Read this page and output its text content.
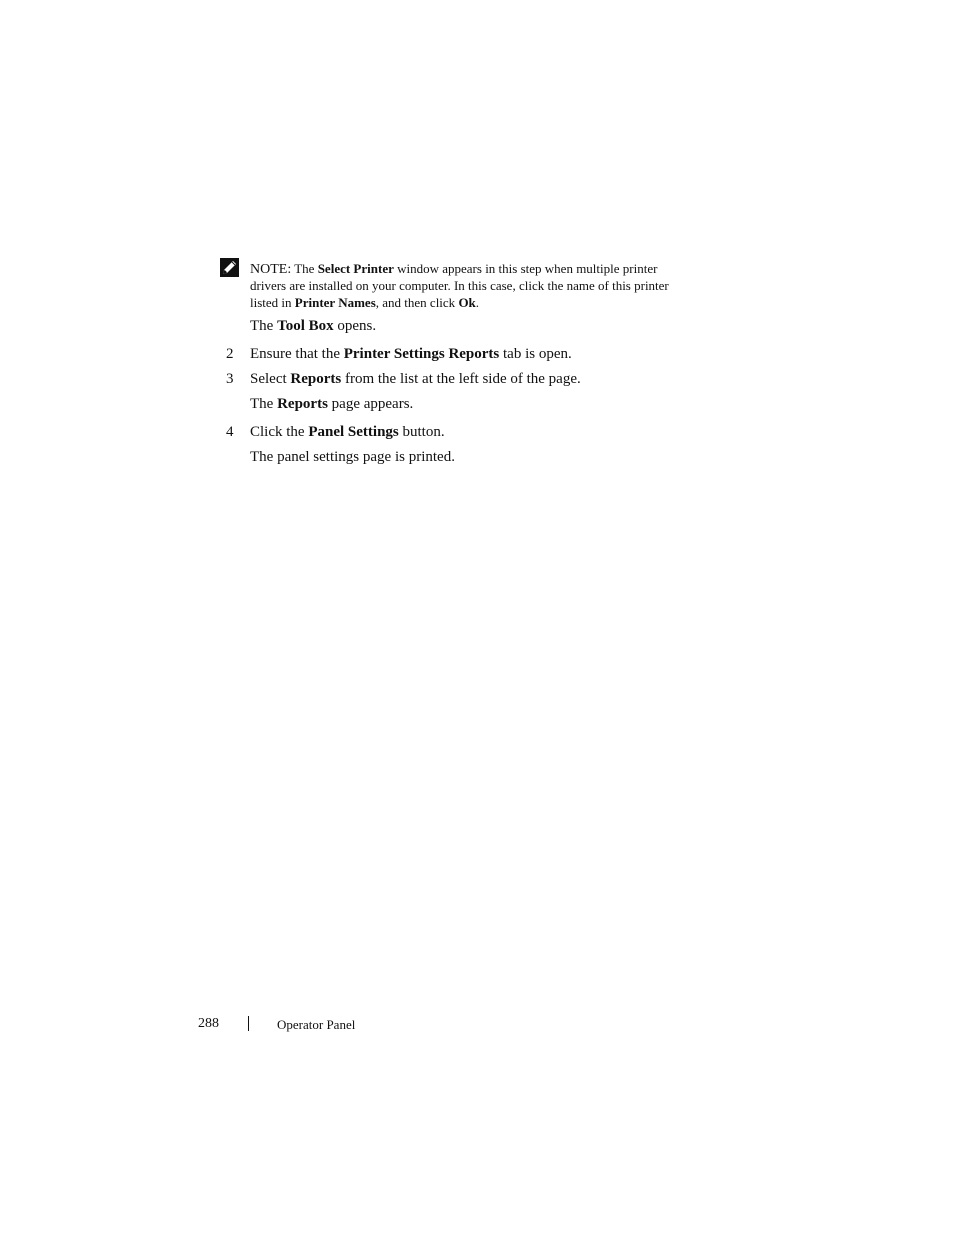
NOTE: The Select Printer window appears in this step when multiple printer
drivers are installed on your computer. In this case, click the name of this printer
listed in Printer Names, and then click Ok.
The Tool Box opens.
2 Ensure that the Printer Settings Reports tab is open.
3 Select Reports from the list at the left side of the page.
The Reports page appears.
4 Click the Panel Settings button.
The panel settings page is printed.
288	Operator Panel
